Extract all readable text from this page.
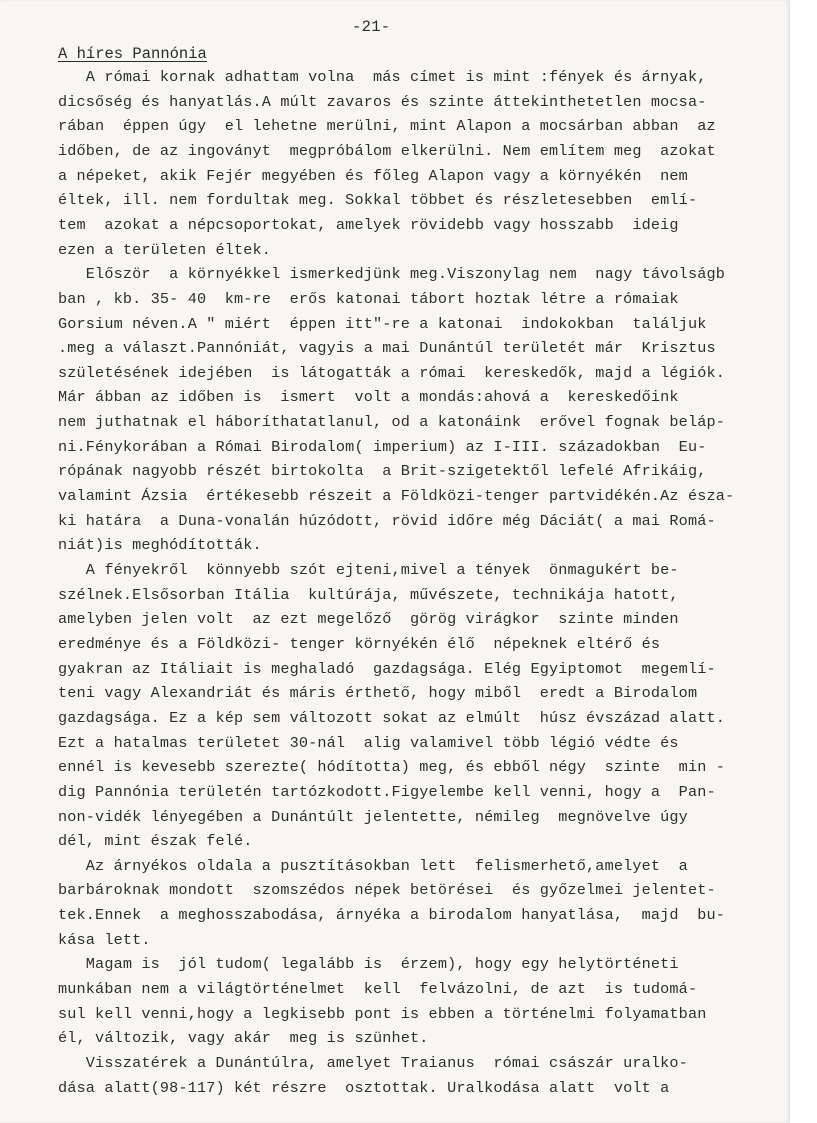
-21-
A híres Pannónia
A római kornak adhattam volna  más címet is mint :fények és árnyak,
dicsőség és hanyatlás.A múlt zavaros és szinte áttekinthetetlen mocsa-
rában  éppen úgy  el lehetne merülni, mint Alapon a mocsárban abban  az
időben, de az ingoványt  megpróbálom elkerülni. Nem említem meg  azokat
a népeket, akik Fejér megyében és főleg Alapon vagy a környékén  nem
éltek, ill. nem fordultak meg. Sokkal többet és részletesebben  emlí-
tem  azokat a népcsoportokat, amelyek rövidebb vagy hosszabb  ideig
ezen a területen éltek.
Először  a környékkel ismerkedjünk meg.Viszonylag nem  nagy távolságb
ban , kb. 35- 40  km-re  erős katonai tábort hoztak létre a rómaiak
Gorsium néven.A " miért  éppen itt"-re a katonai  indokokban  találjuk
.meg a választ.Pannóniát, vagyis a mai Dunántúl területét már  Krisztus
születésének idejében  is látogatták a római  kereskedők, majd a légiók.
Már ábban az időben is  ismert  volt a mondás:ahová a  kereskedőink
nem juthatnak el háboríthatatlanul, od a katonáink  erővel fognak beláp-
ni.Fénykorában a Római Birodalom( imperium) az I-III. századokban  Eu-
rópának nagyobb részét birtokolta  a Brit-szigetektől lefelé Afrikáig,
valamint Ázsia  értékesebb részeit a Földközi-tenger partvidékén.Az észa-
ki határa  a Duna-vonalán húzódott, rövid időre még Dáciát( a mai Romá-
niát)is meghódították.
A fényekről  könnyebb szót ejteni,mivel a tények  önmagukért be-
szélnek.Elsősorban Itália  kultúrája, művészete, technikája hatott,
amelyben jelen volt  az ezt megelőző  görög virágkor  szinte minden
eredménye és a Földközi- tenger környékén élő  népeknek eltérő és
gyakran az Itáliait is meghaladó  gazdagsága. Elég Egyiptomot  megemlí-
teni vagy Alexandriát és máris érthető, hogy miből  eredt a Birodalom
gazdagsága. Ez a kép sem változott sokat az elmúlt  húsz évszázad alatt.
Ezt a hatalmas területet 30-nál  alig valamivel több légió védte és
ennél is kevesebb szerezte( hódította) meg, és ebből négy  szinte  min -
dig Pannónia területén tartózkodott.Figyelembe kell venni, hogy a  Pan-
non-vidék lényegében a Dunántúlt jelentette, némileg  megnövelve úgy
dél, mint észak felé.
Az árnyékos oldala a pusztításokban lett  felismerhető,amelyet  a
barbároknak mondott  szomszédos népek betörései  és győzelmei jelentet-
tek.Ennek  a meghosszabodása, árnyéka a birodalom hanyatlása,  majd  bu-
kása lett.
Magam is  jól tudom( legalább is  érzem), hogy egy helytörténeti
munkában nem a világtörténelmet  kell  felvázolni, de azt  is tudomá-
sul kell venni,hogy a legkisebb pont is ebben a történelmi folyamatban
él, változik, vagy akár  meg is szünhet.
Visszatérek a Dunántúlra, amelyet Traianus  római császár uralko-
dása alatt(98-117) két részre  osztottak. Uralkodása alatt  volt a
